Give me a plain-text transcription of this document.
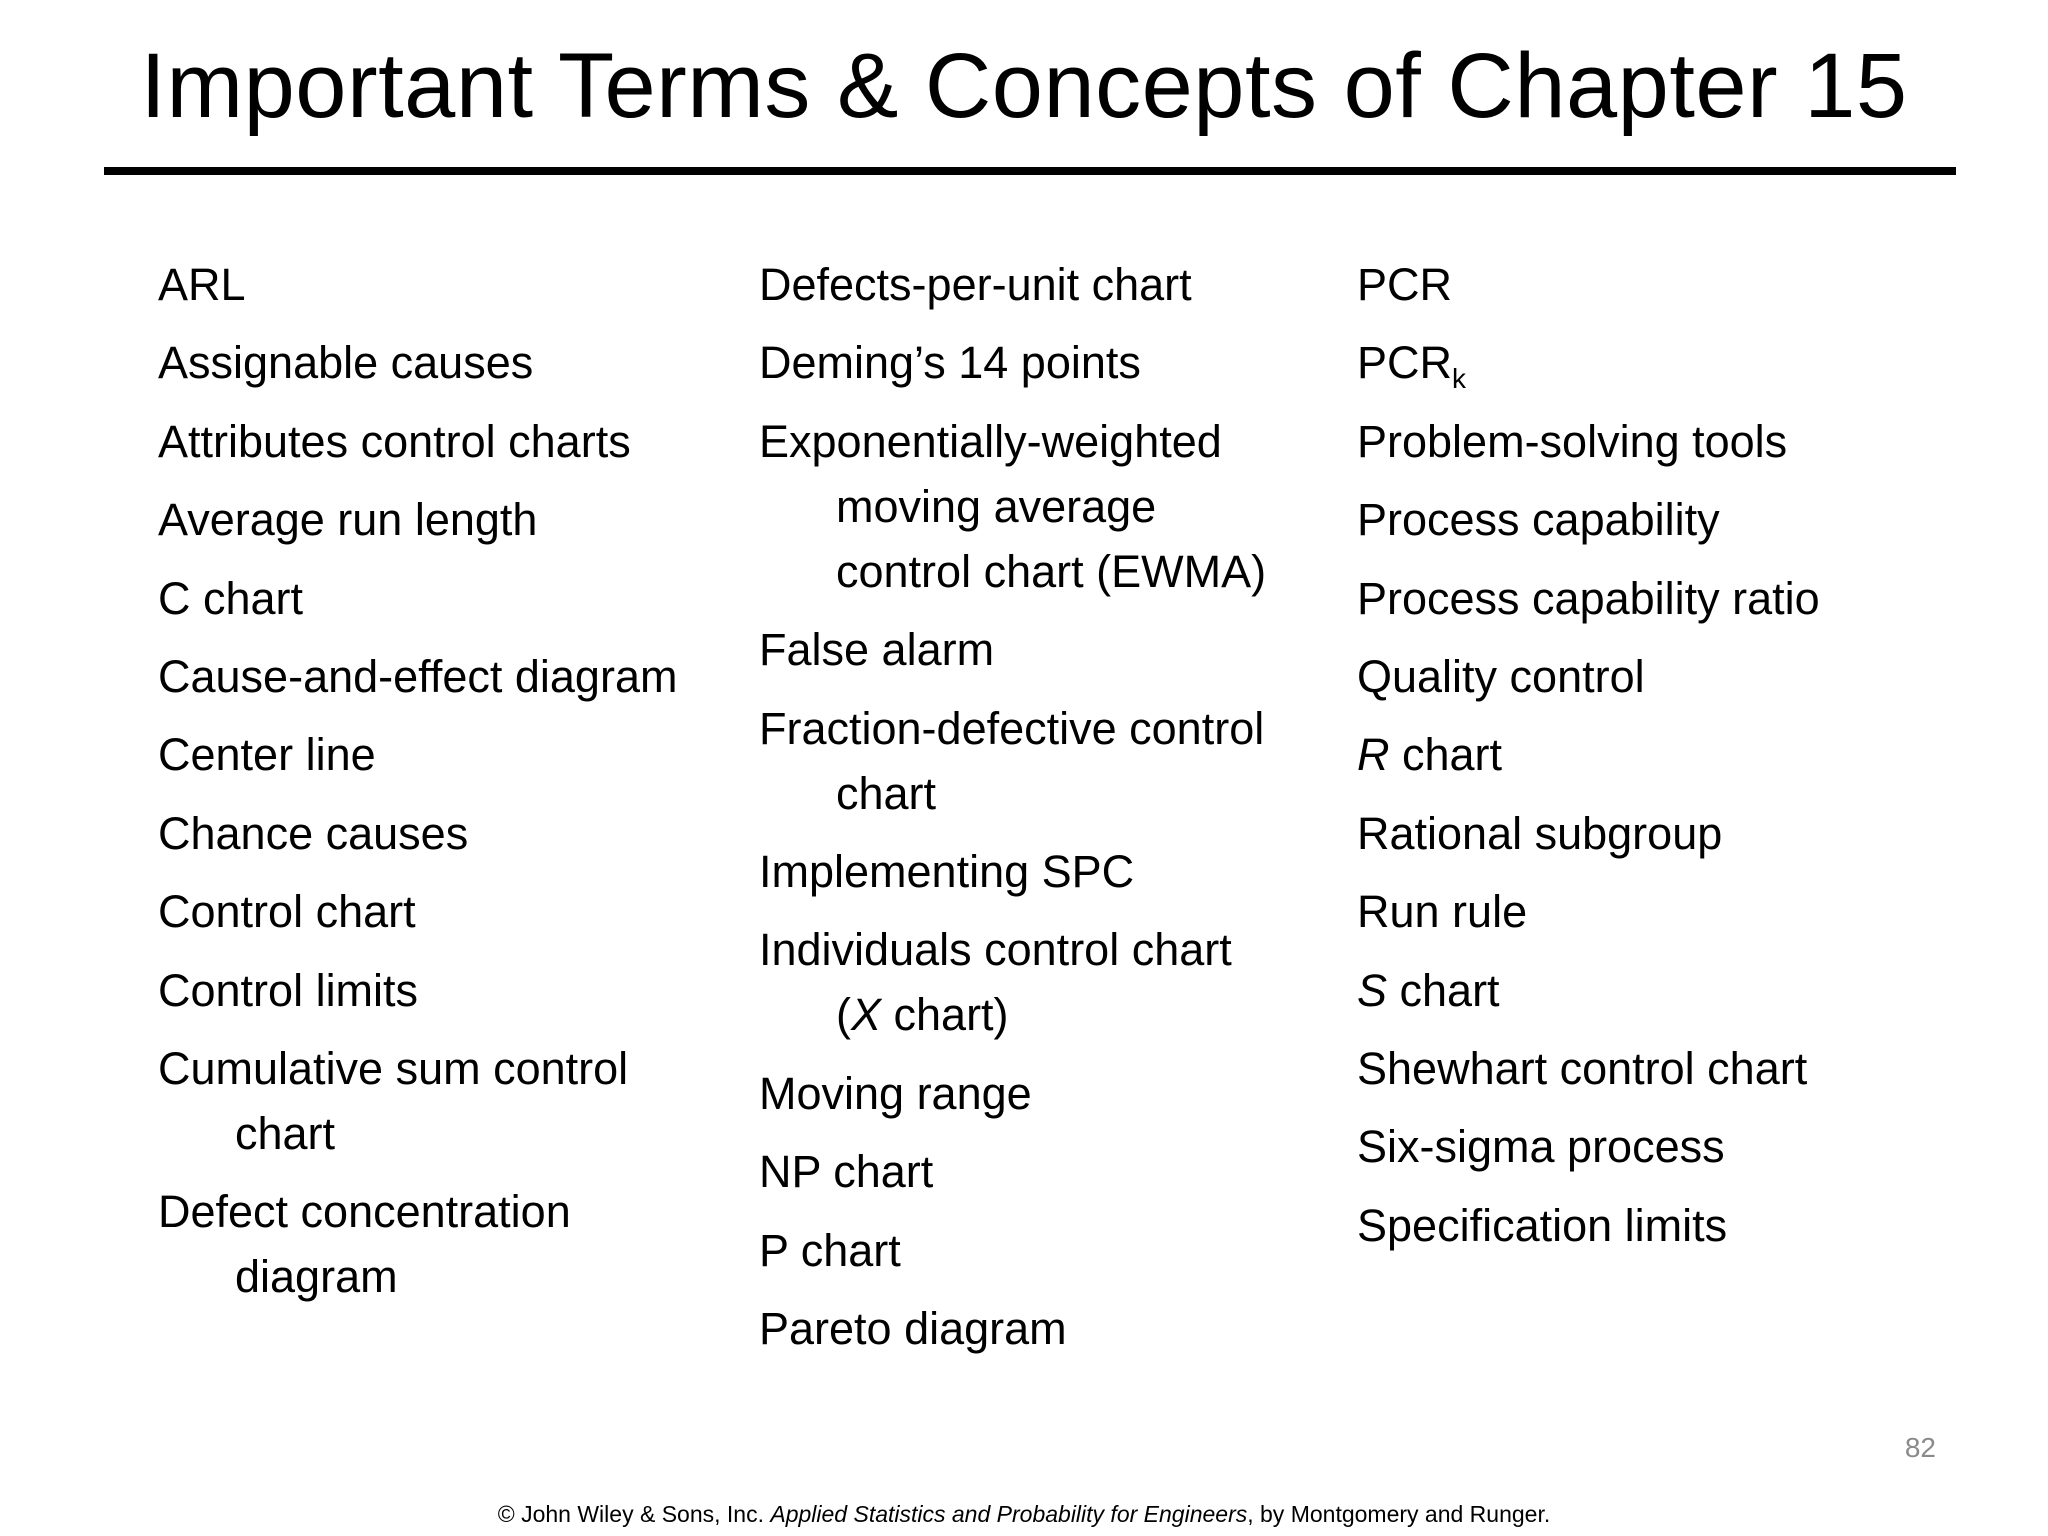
Important Terms & Concepts of Chapter 15
ARL
Assignable causes
Attributes control charts
Average run length
C chart
Cause-and-effect diagram
Center line
Chance causes
Control chart
Control limits
Cumulative sum control
chart
Defect concentration
diagram
Defects-per-unit chart
Deming’s 14 points
Exponentially-weighted
moving average
control chart (EWMA)
False alarm
Fraction-defective control
chart
Implementing SPC
Individuals control chart
(X chart)
Moving range
NP chart
P chart
Pareto diagram
PCR
$PCR_k$
Problem-solving tools
Process capability
Process capability ratio
Quality control
R chart
Rational subgroup
Run rule
S chart
Shewhart control chart
Six-sigma process
Specification limits
82
© John Wiley & Sons, Inc. Applied Statistics and Probability for Engineers, by Montgomery and Runger.
